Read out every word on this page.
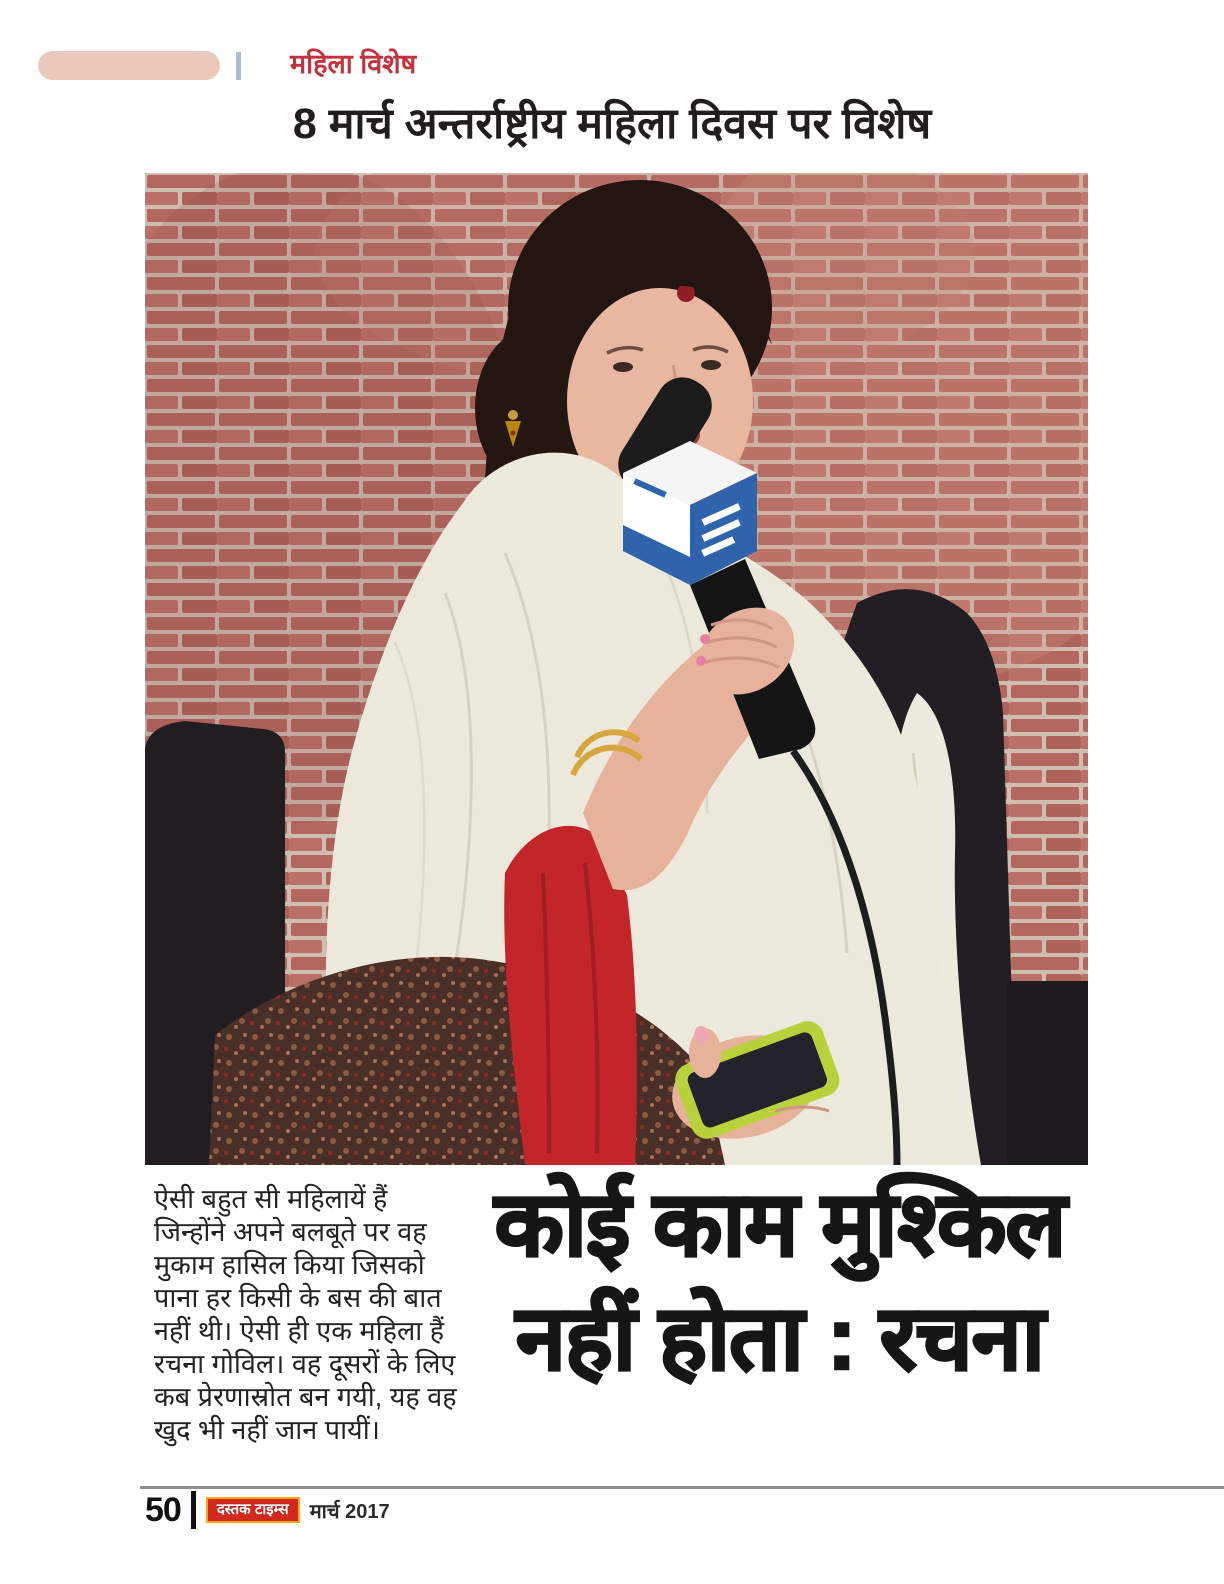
महिला विशेष
8 मार्च अन्तर्राष्ट्रीय महिला दिवस पर विशेष
ऐसी बहुत सी महिलायें हैं
जिन्होंने अपने बलबूते पर वह
मुकाम हासिल किया जिसको
पाना हर किसी के बस की बात
नहीं थी। ऐसी ही एक महिला हैं
रचना गोविल। वह दूसरों के लिए
कब प्रेरणास्रोत बन गयी, यह वह
खुद भी नहीं जान पायीं।
कोई काम मुश्किल
नहीं होता : रचना
50	दस्तक टाइम्स	मार्च 2017
